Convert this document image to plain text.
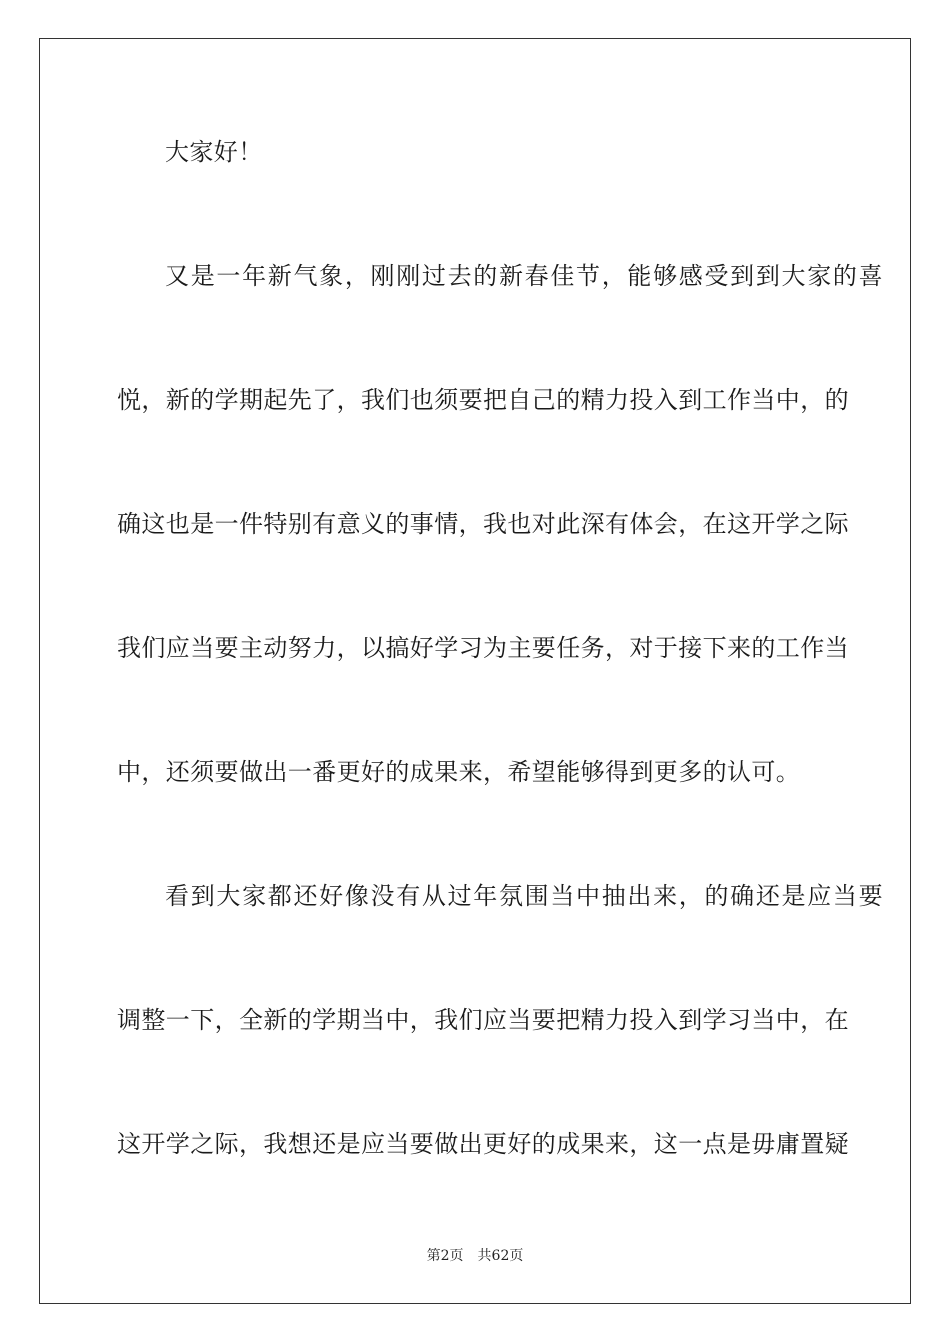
大家好！
又是一年新气象，刚刚过去的新春佳节，能够感受到到大家的喜
悦，新的学期起先了，我们也须要把自己的精力投入到工作当中，的
确这也是一件特别有意义的事情，我也对此深有体会，在这开学之际
我们应当要主动努力，以搞好学习为主要任务，对于接下来的工作当
中，还须要做出一番更好的成果来，希望能够得到更多的认可。
看到大家都还好像没有从过年氛围当中抽出来，的确还是应当要
调整一下，全新的学期当中，我们应当要把精力投入到学习当中，在
这开学之际，我想还是应当要做出更好的成果来，这一点是毋庸置疑
第2页 共62页
